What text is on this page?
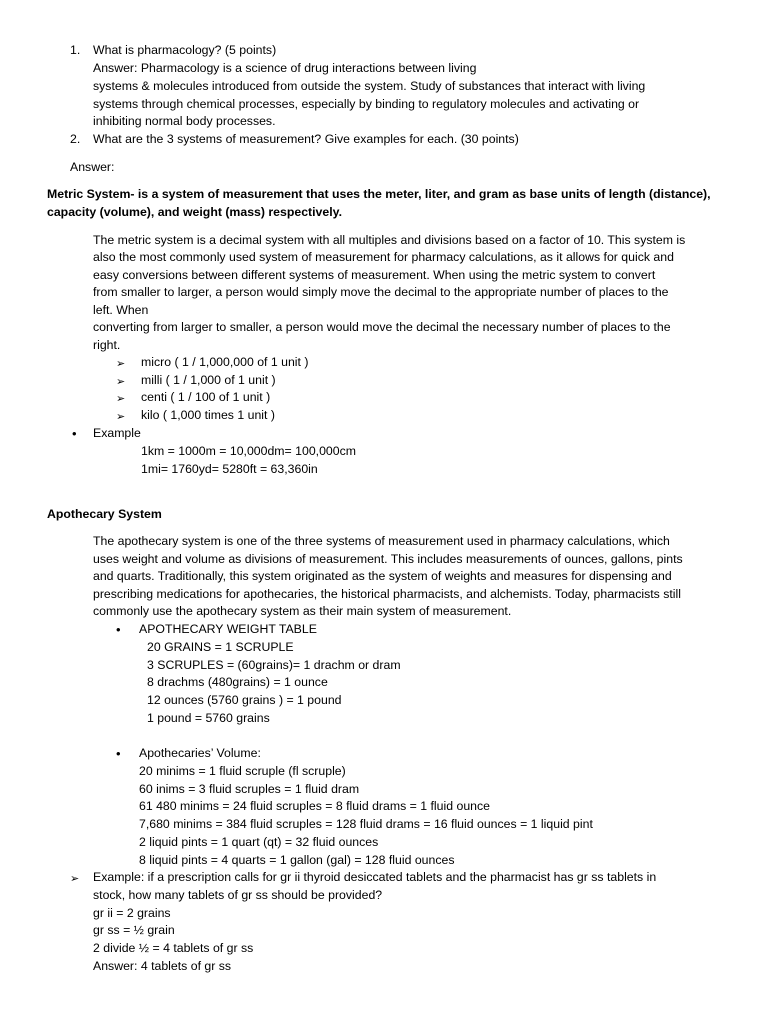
1. What is pharmacology? (5 points)
Answer: Pharmacology is a science of drug interactions between living
systems & molecules introduced from outside the system. Study of substances that interact with living
systems through chemical processes, especially by binding to regulatory molecules and activating or
inhibiting normal body processes.
2. What are the 3 systems of measurement? Give examples for each. (30 points)
Answer:
Metric System- is a system of measurement that uses the meter, liter, and gram as base units of length (distance),
capacity (volume), and weight (mass) respectively.
The metric system is a decimal system with all multiples and divisions based on a factor of 10. This system is
also the most commonly used system of measurement for pharmacy calculations, as it allows for quick and
easy conversions between different systems of measurement. When using the metric system to convert
from smaller to larger, a person would simply move the decimal to the appropriate number of places to the
left. When
converting from larger to smaller, a person would move the decimal the necessary number of places to the
right.
➢ micro ( 1 / 1,000,000 of 1 unit )
➢ milli ( 1 / 1,000 of 1 unit )
➢ centi ( 1 / 100 of 1 unit )
➢ kilo ( 1,000 times 1 unit )
• Example
1km = 1000m = 10,000dm= 100,000cm
1mi= 1760yd= 5280ft = 63,360in
Apothecary System
The apothecary system is one of the three systems of measurement used in pharmacy calculations, which
uses weight and volume as divisions of measurement. This includes measurements of ounces, gallons, pints
and quarts. Traditionally, this system originated as the system of weights and measures for dispensing and
prescribing medications for apothecaries, the historical pharmacists, and alchemists. Today, pharmacists still
commonly use the apothecary system as their main system of measurement.
• APOTHECARY WEIGHT TABLE
20 GRAINS = 1 SCRUPLE
3 SCRUPLES = (60grains)= 1 drachm or dram
8 drachms (480grains) = 1 ounce
12 ounces (5760 grains ) = 1 pound
1 pound = 5760 grains
• Apothecaries’ Volume:
20 minims = 1 fluid scruple (fl scruple)
60 inims = 3 fluid scruples = 1 fluid dram
61 480 minims = 24 fluid scruples = 8 fluid drams = 1 fluid ounce
7,680 minims = 384 fluid scruples = 128 fluid drams = 16 fluid ounces = 1 liquid pint
2 liquid pints = 1 quart (qt) = 32 fluid ounces
8 liquid pints = 4 quarts = 1 gallon (gal) = 128 fluid ounces
➢ Example: if a prescription calls for gr ii thyroid desiccated tablets and the pharmacist has gr ss tablets in
stock, how many tablets of gr ss should be provided?
gr ii = 2 grains
gr ss = ½ grain
2 divide ½ = 4 tablets of gr ss
Answer: 4 tablets of gr ss
